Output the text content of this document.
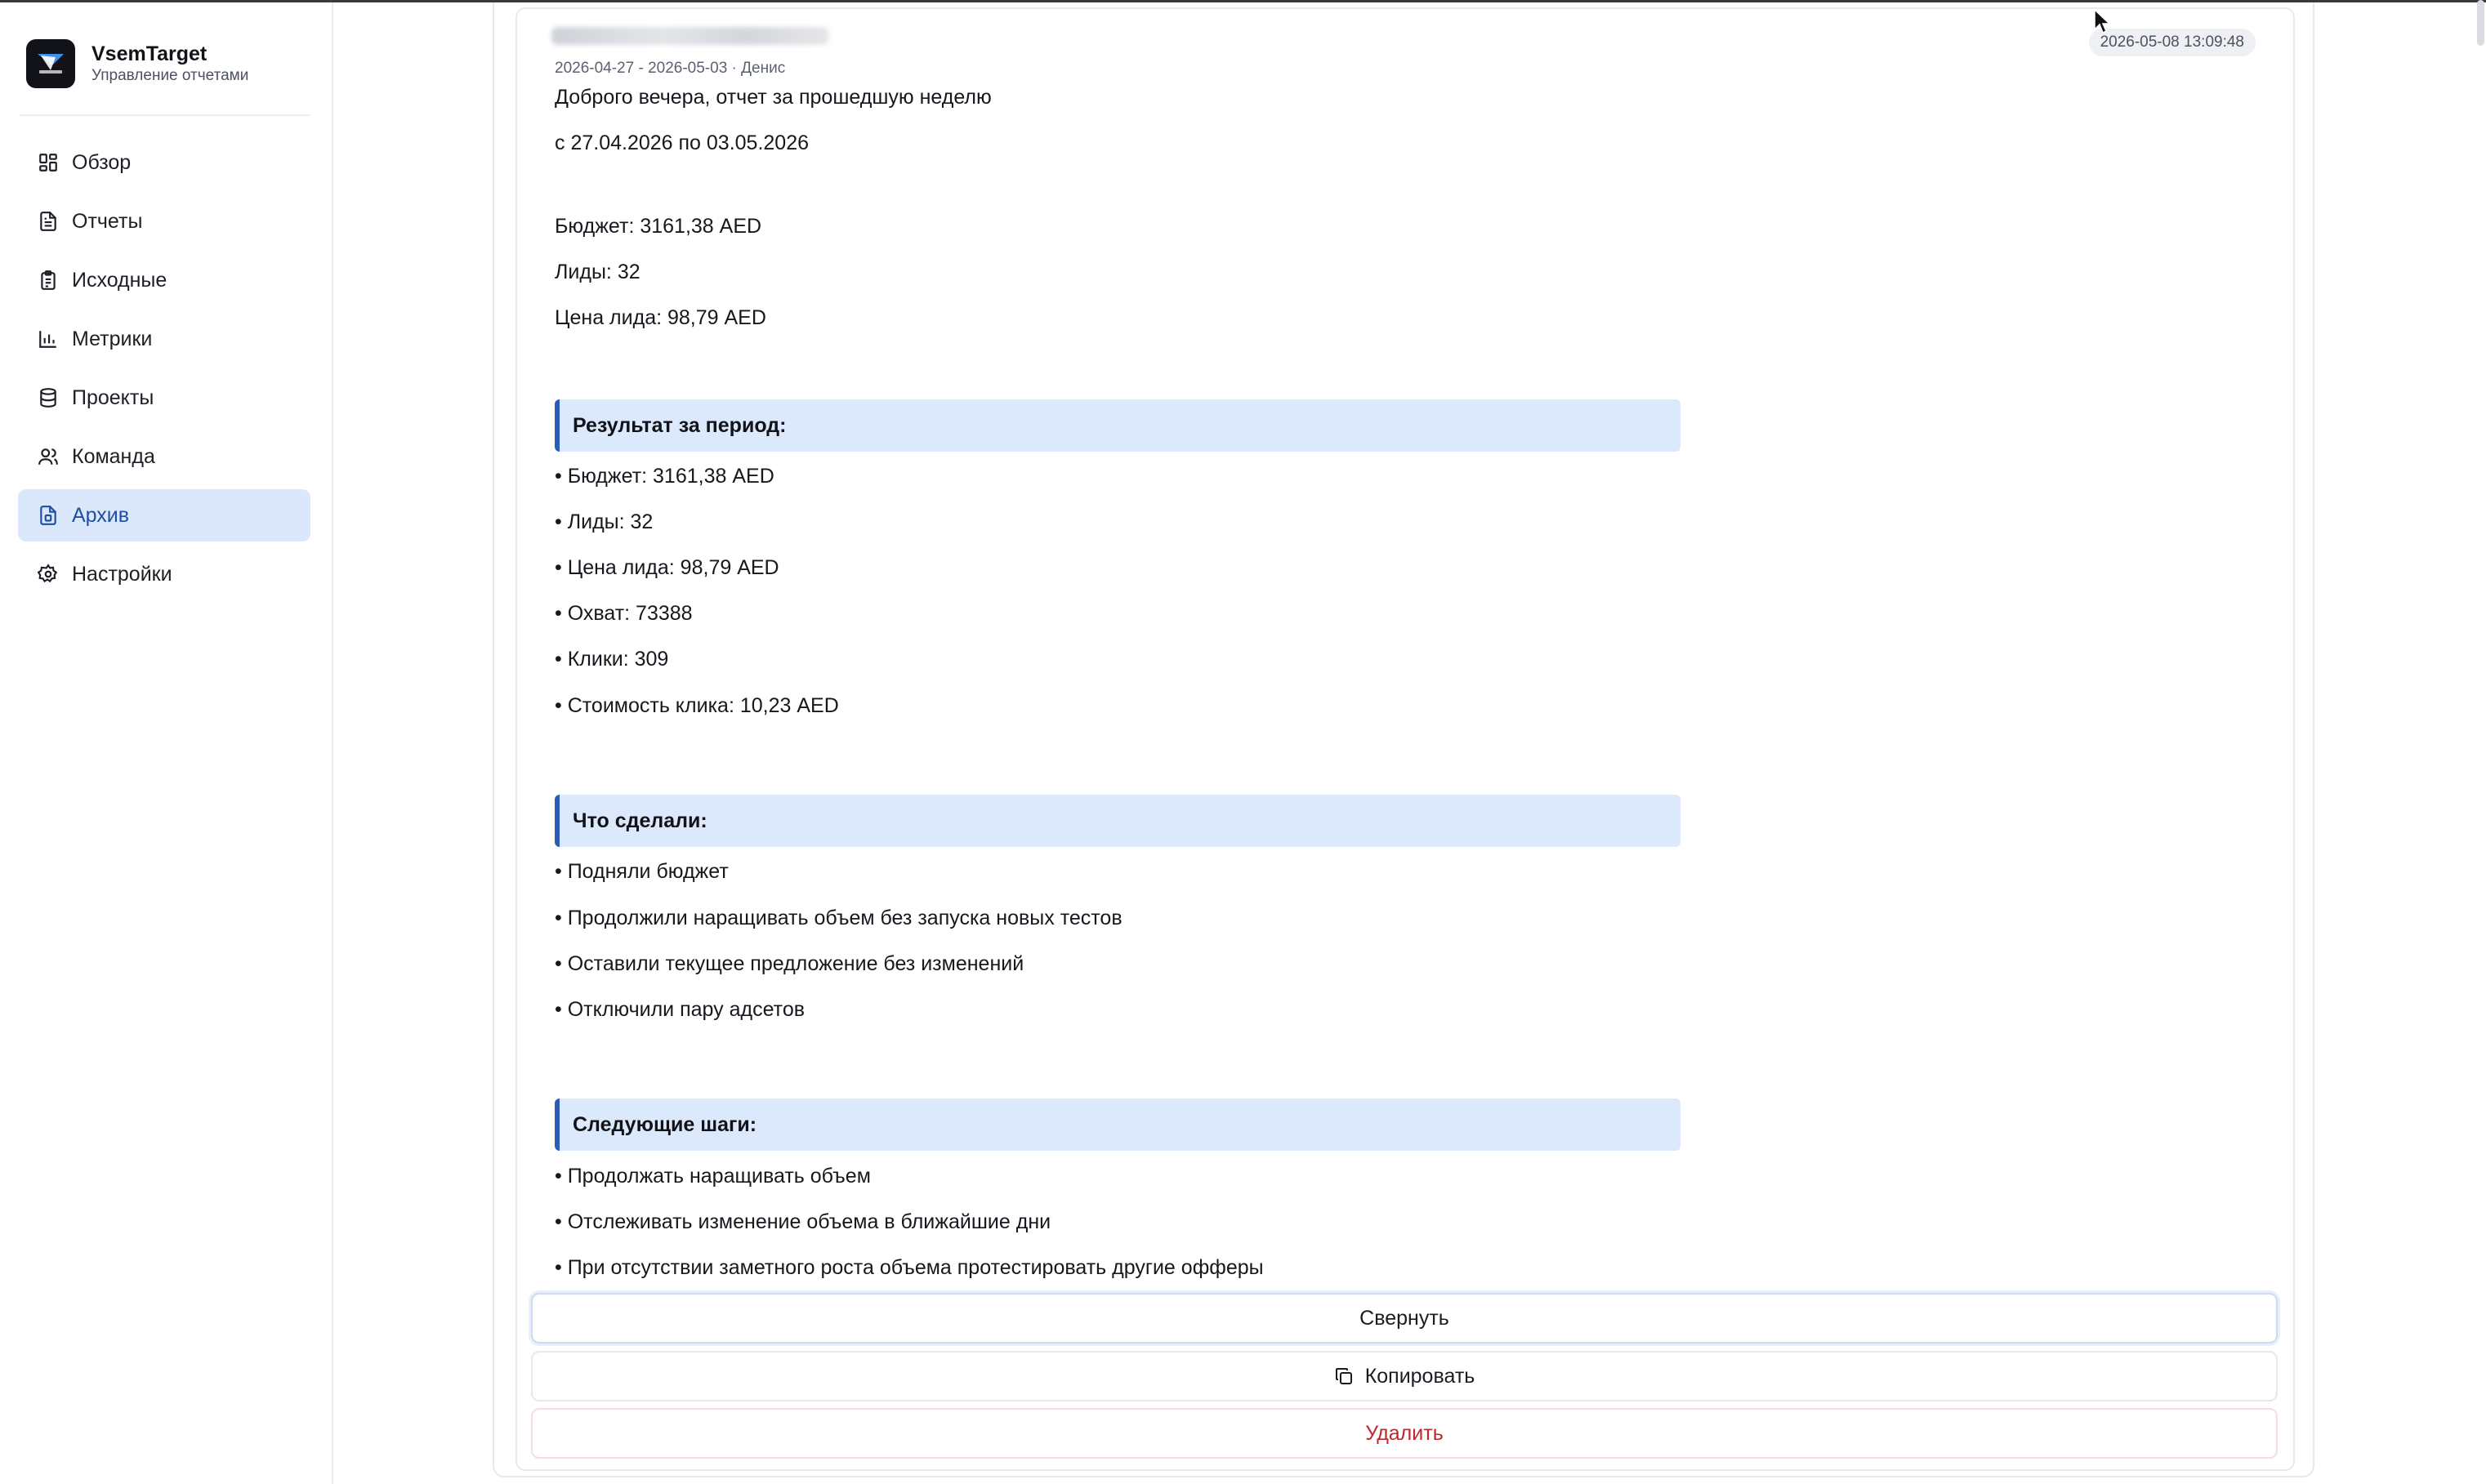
VsemTarget
Управление отчетами
Обзор
Отчеты
Исходные
Метрики
Проекты
Команда
Архив
Настройки
2026-04-27 - 2026-05-03 · Денис
2026-05-08 13:09:48
Доброго вечера, отчет за прошедшую неделю
с 27.04.2026 по 03.05.2026
Бюджет: 3161,38 AED
Лиды: 32
Цена лида: 98,79 AED
Результат за период:
• Бюджет: 3161,38 AED
• Лиды: 32
• Цена лида: 98,79 AED
• Охват: 73388
• Клики: 309
• Стоимость клика: 10,23 AED
Что сделали:
• Подняли бюджет
• Продолжили наращивать объем без запуска новых тестов
• Оставили текущее предложение без изменений
• Отключили пару адсетов
Следующие шаги:
• Продолжать наращивать объем
• Отслеживать изменение объема в ближайшие дни
• При отсутствии заметного роста объема протестировать другие офферы
Свернуть
Копировать
Удалить
